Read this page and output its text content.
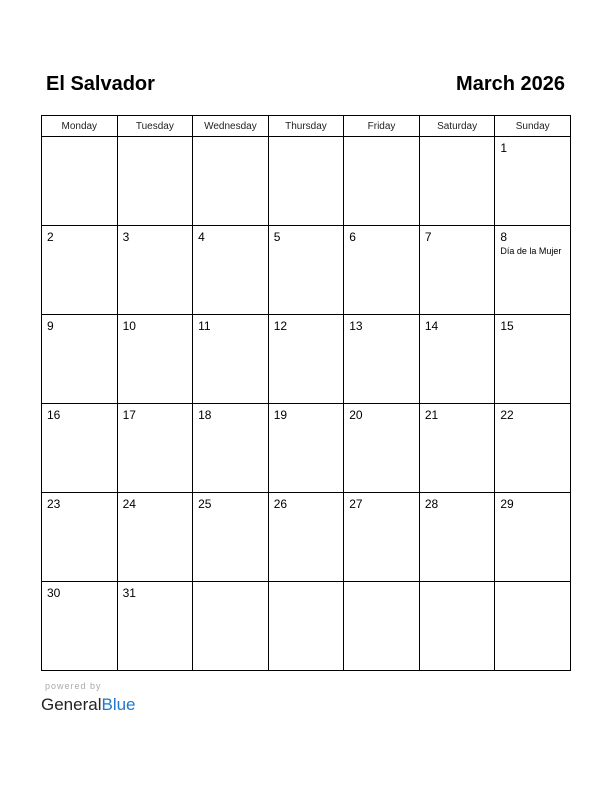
El Salvador	March 2026
Monday	Tuesday	Wednesday	Thursday	Friday	Saturday	Sunday

						1

2	3	4	5	6	7	8
Día de la Mujer

9	10	11	12	13	14	15

16	17	18	19	20	21	22

23	24	25	26	27	28	29

30	31					

powered by
GeneralBlue
